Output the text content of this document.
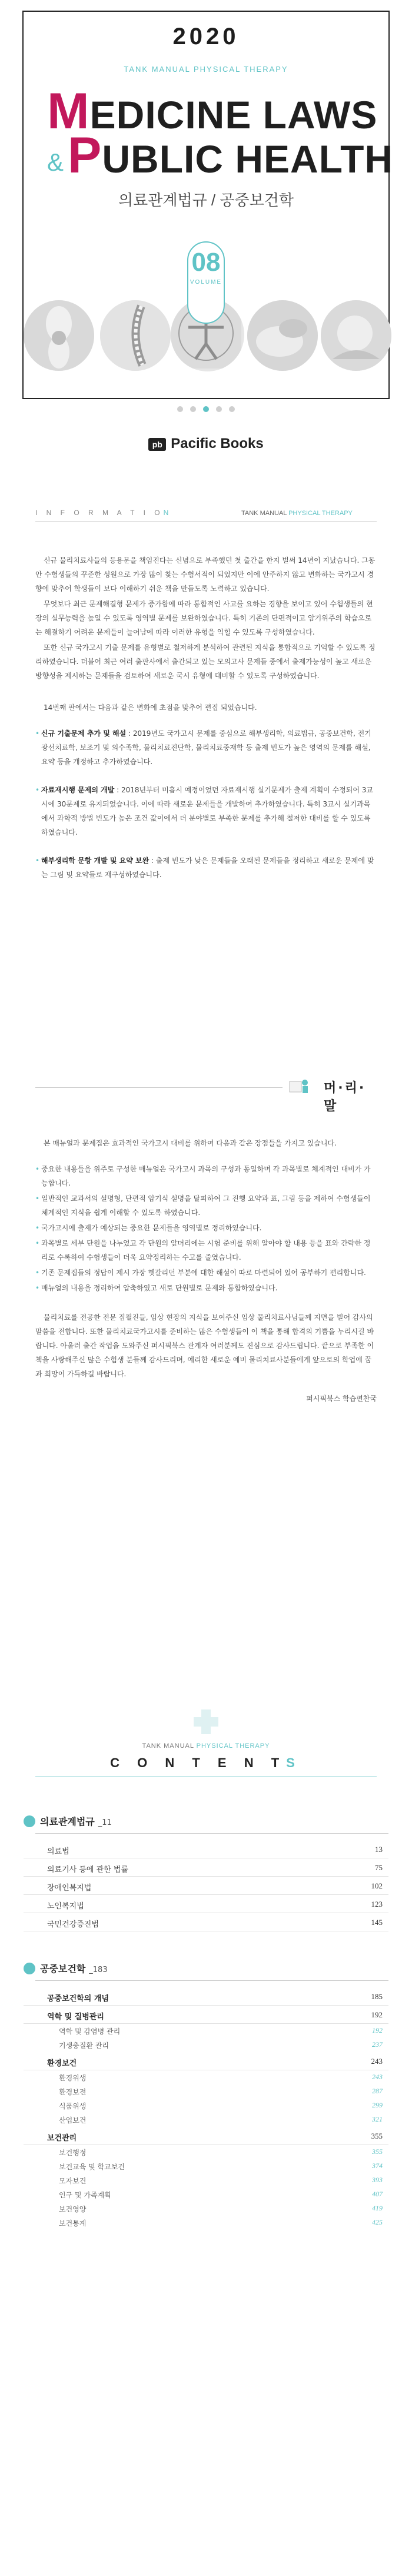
2020
TANK MANUAL PHYSICAL THERAPY
MEDICINE LAWS
&PUBLIC HEALTH
의료관계법규 / 공중보건학
08
VOLUME
pb Pacific Books
I N F O R M A T I ON	TANK MANUAL PHYSICAL THERAPY

신규 물리치료사들의 등용문을 책임진다는 신념으로 부족했던 첫 출간을 한지 벌써 14년이 지났습니다. 그동안 수험생들의 꾸준한 성원으로 가장 많이 찾는 수험서적이 되었지만 이에 안주하지 않고 변화하는 국가고시 경향에 맞추어 학생들이 보다 이해하기 쉬운 책을 만들도록 노력하고 있습니다.

무엇보다 최근 문제해결형 문제가 증가함에 따라 통합적인 사고를 요하는 경향을 보이고 있어 수험생들의 현장의 실무능력을 높일 수 있도록 영역별 문제를 보완하였습니다. 특히 기존의 단편적이고 암기위주의 학습으로는 해결하기 어려운 문제들이 늘어남에 따라 이러한 유형을 익힐 수 있도록 구성하였습니다.

또한 신규 국가고시 기출 문제를 유형별로 철저하게 분석하여 관련된 지식을 통합적으로 기억할 수 있도록 정리하였습니다. 더불어 최근 여러 출판사에서 출간되고 있는 모의고사 문제들 중에서 출제가능성이 높고 새로운 방향성을 제시하는 문제들을 검토하여 새로운 국시 유형에 대비할 수 있도록 구성하였습니다.

14번째 판에서는 다음과 같은 변화에 초점을 맞추어 편집 되었습니다.

• 신규 기출문제 추가 및 해설 : 2019년도 국가고시 문제를 중심으로 해부생리학, 의료법규, 공중보건학, 전기광선치료학, 보조기 및 의수족학, 물리치료진단학, 물리치료중재학 등 출제 빈도가 높은 영역의 문제를 해설, 요약 등을 개정하고 추가하였습니다.
• 자료재시행 문제의 개발 : 2018년부터 미흡시 예정이었던 자료재시행 실기문제가 출제 계획이 수정되어 3교시에 30문제로 유지되었습니다. 이에 따라 새로운 문제들을 개발하여 추가하였습니다. 특히 3교시 실기과목에서 과학적 방법 빈도가 높은 조건 값이에서 더 분야별로 부족한 문제를 추가해 철저한 대비를 할 수 있도록 하였습니다.
• 해부생리학 문항 개발 및 요약 보완 : 출제 빈도가 낮은 문제들을 오래된 문제들을 정리하고 새로운 문제에 맞는 그림 및 요약들로 재구성하였습니다.
머·리·말

본 매뉴얼과 문제집은 효과적인 국가고시 대비를 위하여 다음과 같은 장점들을 가지고 있습니다.

• 중요한 내용들을 위주로 구성한 매뉴얼은 국가고시 과목의 구성과 동일하며 각 과목별로 체계적인 대비가 가능합니다.
• 일반적인 교과서의 설명형, 단편적 암기식 설명을 탈피하여 그 진행 요약과 표, 그림 등을 제하여 수험생들이 체계적인 지식을 쉽게 이해할 수 있도록 하였습니다.
• 국가고시에 출제가 예상되는 중요한 문제들을 영역별로 정리하였습니다.
• 과목별로 세부 단원을 나누었고 각 단원의 앞머리에는 시험 준비를 위해 알아야 할 내용 등을 표와 간략한 정리로 수록하여 수험생들이 더욱 요약정리하는 수고를 줄였습니다.
• 기존 문제집들의 정답이 제시 가장 헷갈리던 부분에 대한 해설이 따로 마련되어 있어 공부하기 편리합니다.
• 매뉴얼의 내용을 정리하여 압축하였고 새로 단원별로 문제와 통합하였습니다.

물리치료를 전공한 전문 집필진들, 임상 현장의 지식을 보여주신 임상 물리치료사님들께 지면을 빌어 감사의 말씀을 전합니다. 또한 물리치료국가고시를 준비하는 많은 수험생들이 이 책을 통해 합격의 기쁨을 누리시길 바랍니다. 아울러 출간 작업을 도와주신 퍼시픽북스 관계자 여러분께도 진심으로 감사드립니다. 끝으로 부족한 이 책을 사랑해주신 많은 수험생 분들께 감사드리며, 예리한 새로운 예비 물리치료사분들에게 앞으로의 학업에 꿈과 희망이 가득하길 바랍니다.

퍼시픽북스 학습편찬국

TANK MANUAL PHYSICAL THERAPY
C O N T E N TS
의료관계법규 _11
의료법	13
의료기사 등에 관한 법률	75
장애인복지법	102
노인복지법	123
국민건강증진법	145
공중보건학 _183
공중보건학의 개념	185
역학 및 질병관리	192
역학 및 감염병 관리	192
기생충질환 관리	237
환경보건	243
환경위생	243
환경보전	287
식품위생	299
산업보건	321
보건관리	355
보건행정	355
보건교육 및 학교보건	374
모자보건	393
인구 및 가족계획	407
보건영양	419
보건통계	425
